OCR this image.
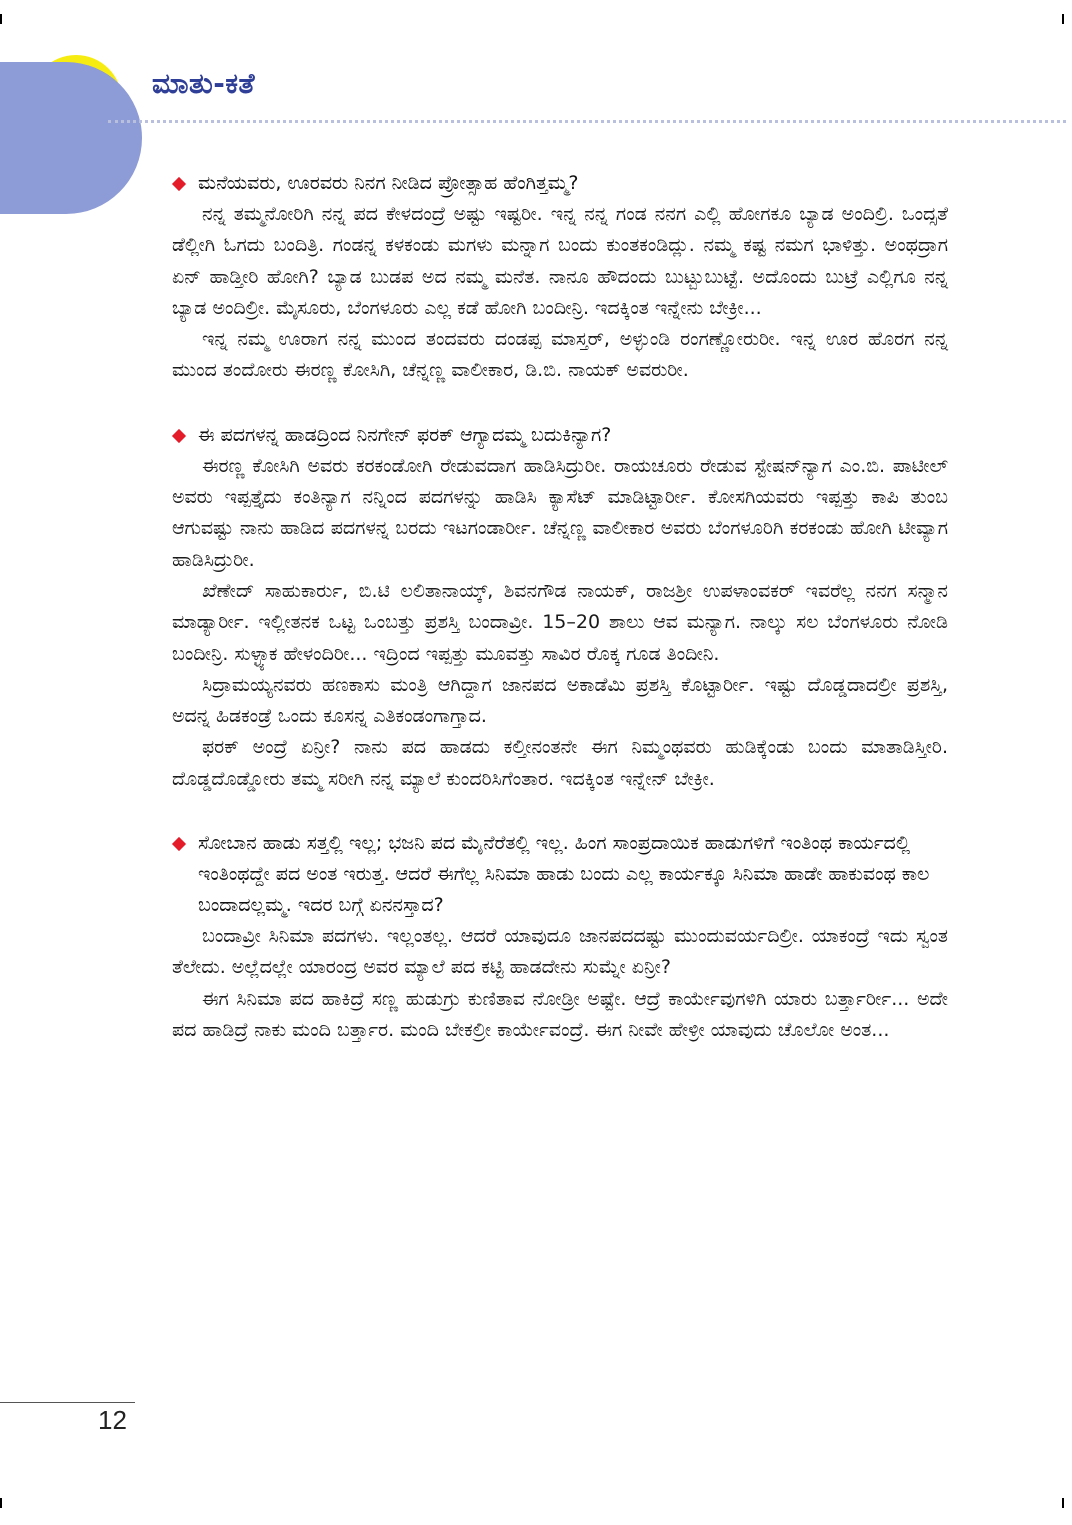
ಮಾತು-ಕತೆ
ಮನೆಯವರು, ಊರವರು ನಿನಗ ನೀಡಿದ ಪ್ರೋತ್ಸಾಹ ಹೆಂಗಿತ್ತಮ್ಮ?

ನನ್ನ ತಮ್ಮನೋರಿಗಿ ನನ್ನ ಪದ ಕೇಳದಂದ್ರೆ ಅಷ್ಟು ಇಷ್ಟರೀ. ಇನ್ನ ನನ್ನ ಗಂಡ ನನಗ ಎಲ್ಲಿ ಹೋಗಕೂ ಬ್ಯಾಡ ಅಂದಿಲ್ರಿ. ಒಂದ್ಸತೆ ಡೆಲ್ಲೀಗಿ ಓಗದು ಬಂದಿತ್ರಿ. ಗಂಡನ್ನ ಕಳಕಂಡು ಮಗಳು ಮನ್ನಾಗ ಬಂದು ಕುಂತಕಂಡಿದ್ಲು. ನಮ್ಮ ಕಷ್ಟ ನಮಗ ಭಾಳಿತ್ತು. ಅಂಥದ್ರಾಗ ಏನ್ ಹಾಡ್ತೀರಿ ಹೋಗಿ? ಬ್ಯಾಡ ಬುಡಪ ಅದ ನಮ್ಮ ಮನೆತ. ನಾನೂ ಹೌದಂದು ಬುಟ್ಬುಬುಟ್ಟೆ. ಅದೊಂದು ಬುಟ್ರೆ ಎಲ್ಲಿಗೂ ನನ್ನ ಬ್ಯಾಡ ಅಂದಿಲ್ರೀ. ಮೈಸೂರು, ಬೆಂಗಳೂರು ಎಲ್ಲ ಕಡೆ ಹೋಗಿ ಬಂದೀನ್ರಿ. ಇದಕ್ಕಿಂತ ಇನ್ನೇನು ಬೇಕ್ರೀ...

ಇನ್ನ ನಮ್ಮ ಊರಾಗ ನನ್ನ ಮುಂದ ತಂದವರು ದಂಡಪ್ಪ ಮಾಸ್ತರ್, ಅಳ್ಳುಂಡಿ ರಂಗಣ್ಣೋರುರೀ. ಇನ್ನ ಊರ ಹೊರಗ ನನ್ನ ಮುಂದ ತಂದೋರು ಈರಣ್ಣ ಕೋಸಿಗಿ, ಚೆನ್ನಣ್ಣ ವಾಲೀಕಾರ, ಡಿ.ಬಿ. ನಾಯಕ್ ಅವರುರೀ.

ಈ ಪದಗಳನ್ನ ಹಾಡದ್ರಿಂದ ನಿನಗೇನ್ ಫರಕ್ ಆಗ್ಯಾದಮ್ಮ ಬದುಕಿನ್ಯಾಗ?

ಈರಣ್ಣ ಕೋಸಿಗಿ ಅವರು ಕರಕಂಡೋಗಿ ರೇಡುವದಾಗ ಹಾಡಿಸಿದ್ರುರೀ. ರಾಯಚೂರು ರೇಡುವ ಸ್ಟೇಷನ್‌ನ್ಯಾಗ ಎಂ.ಬಿ. ಪಾಟೀಲ್ ಅವರು ಇಪ್ಪತ್ತೈದು ಕಂತಿನ್ಯಾಗ ನನ್ನಿಂದ ಪದಗಳನ್ನು ಹಾಡಿಸಿ ಕ್ಯಾಸೆಟ್ ಮಾಡಿಟ್ಟಾರ್ರೀ. ಕೋಸಗಿಯವರು ಇಪ್ಪತ್ತು ಕಾಪಿ ತುಂಬ ಆಗುವಷ್ಟು ನಾನು ಹಾಡಿದ ಪದಗಳನ್ನ ಬರದು ಇಟಗಂಡಾರ್ರೀ. ಚೆನ್ನಣ್ಣ ವಾಲೀಕಾರ ಅವರು ಬೆಂಗಳೂರಿಗಿ ಕರಕಂಡು ಹೋಗಿ ಟೀವ್ಯಾಗ ಹಾಡಿಸಿದ್ರುರೀ.

ಖೆಣೇದ್ ಸಾಹುಕಾರ್ರು, ಬಿ.ಟಿ ಲಲಿತಾನಾಯ್ಕ್, ಶಿವನಗೌಡ ನಾಯಕ್, ರಾಜಶ್ರೀ ಉಪಳಾಂವಕರ್ ಇವರೆಲ್ಲ ನನಗ ಸನ್ಮಾನ ಮಾಡ್ಯಾರ್ರೀ. ಇಲ್ಲೀತನಕ ಒಟ್ಟ ಒಂಬತ್ತು ಪ್ರಶಸ್ತಿ ಬಂದಾವ್ರೀ. 15–20 ಶಾಲು ಆವ ಮನ್ಯಾಗ. ನಾಲ್ಕು ಸಲ ಬೆಂಗಳೂರು ನೋಡಿ ಬಂದೀನ್ರಿ. ಸುಳ್ಳ್ಯಾಕ ಹೇಳಂದಿರೀ... ಇದ್ರಿಂದ ಇಪ್ಪತ್ತು ಮೂವತ್ತು ಸಾವಿರ ರೊಕ್ಕ ಗೂಡ ತಿಂದೀನಿ.

ಸಿದ್ರಾಮಯ್ಯನವರು ಹಣಕಾಸು ಮಂತ್ರಿ ಆಗಿದ್ದಾಗ ಜಾನಪದ ಅಕಾಡೆಮಿ ಪ್ರಶಸ್ತಿ ಕೊಟ್ಟಾರ್ರೀ. ಇಷ್ಟು ದೊಡ್ಡದಾದಲ್ರೀ ಪ್ರಶಸ್ತಿ, ಅದನ್ನ ಹಿಡಕಂಡ್ರೆ ಒಂದು ಕೂಸನ್ನ ಎತಿಕಂಡಂಗಾಗ್ತಾದ.

ಫರಕ್ ಅಂದ್ರೆ ಏನ್ರೀ? ನಾನು ಪದ ಹಾಡದು ಕಲ್ತೀನಂತನೇ ಈಗ ನಿಮ್ಮಂಥವರು ಹುಡಿಕ್ಕೆಂಡು ಬಂದು ಮಾತಾಡಿಸ್ತೀರಿ. ದೊಡ್ಡದೊಡ್ಡೋರು ತಮ್ಮ ಸರೀಗಿ ನನ್ನ ಮ್ಯಾಲೆ ಕುಂದರಿಸಿಗೆಂತಾರ. ಇದಕ್ಕಿಂತ ಇನ್ನೇನ್ ಬೇಕ್ರೀ.

ಸೋಬಾನ ಹಾಡು ಸತ್ತಲ್ಲಿ ಇಲ್ಲ; ಭಜನಿ ಪದ ಮೈನೆರೆತಲ್ಲಿ ಇಲ್ಲ. ಹಿಂಗ ಸಾಂಪ್ರದಾಯಿಕ ಹಾಡುಗಳಿಗೆ ಇಂತಿಂಥ ಕಾರ್ಯದಲ್ಲಿ ಇಂತಿಂಥದ್ದೇ ಪದ ಅಂತ ಇರುತ್ತ. ಆದರೆ ಈಗೆಲ್ಲ ಸಿನಿಮಾ ಹಾಡು ಬಂದು ಎಲ್ಲ ಕಾರ್ಯಕ್ಕೂ ಸಿನಿಮಾ ಹಾಡೇ ಹಾಕುವಂಥ ಕಾಲ ಬಂದಾದಲ್ಲಮ್ಮ. ಇದರ ಬಗ್ಗೆ ಏನನಸ್ತಾದ?

ಬಂದಾವ್ರೀ ಸಿನಿಮಾ ಪದಗಳು. ಇಲ್ಲಂತಲ್ಲ. ಆದರೆ ಯಾವುದೂ ಜಾನಪದದಷ್ಟು ಮುಂದುವರ್ಯದಿಲ್ರೀ. ಯಾಕಂದ್ರೆ ಇದು ಸ್ವಂತ ತೆಲೇದು. ಅಲ್ಲೆದಲ್ಲೇ ಯಾರಂದ್ರ ಅವರ ಮ್ಯಾಲೆ ಪದ ಕಟ್ಟಿ ಹಾಡದೇನು ಸುಮ್ನೇ ಏನ್ರೀ?

ಈಗ ಸಿನಿಮಾ ಪದ ಹಾಕಿದ್ರೆ ಸಣ್ಣ ಹುಡುಗ್ರು ಕುಣಿತಾವ ನೋಡ್ರೀ ಅಷ್ಟೇ. ಆದ್ರೆ ಕಾರ್ಯೇವುಗಳಿಗಿ ಯಾರು ಬರ್ತ್ತಾರ್ರೀ... ಅದೇ ಪದ ಹಾಡಿದ್ರೆ ನಾಕು ಮಂದಿ ಬರ್ತ್ತಾರ. ಮಂದಿ ಬೇಕಲ್ರೀ ಕಾರ್ಯೇವಂದ್ರೆ. ಈಗ ನೀವೇ ಹೇಳ್ರೀ ಯಾವುದು ಚೊಲೋ ಅಂತ...

12
